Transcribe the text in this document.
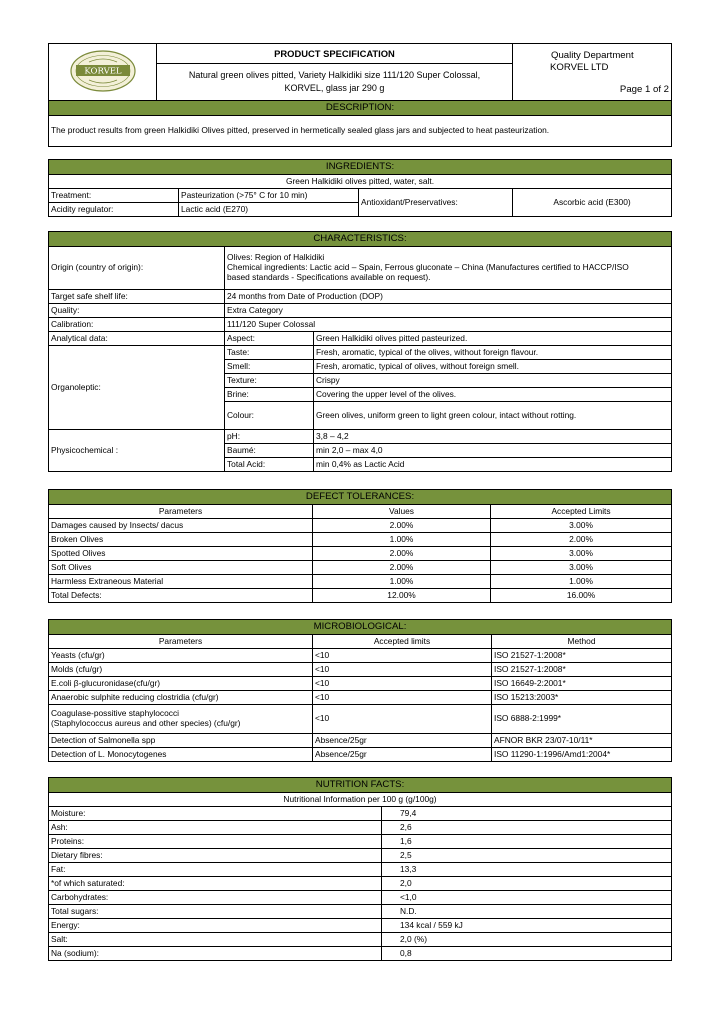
KORVEL
	PRODUCT SPECIFICATION	Quality Department
KORVEL LTD
Page 1 of 2

Natural green olives pitted, Variety Halkidiki size 111/120 Super Colossal,
KORVEL, glass jar 290 g

DESCRIPTION:
The product results from green Halkidiki Olives pitted, preserved in hermetically sealed glass jars and subjected to heat pasteurization.
INGREDIENTS:			
Green Halkidiki olives pitted, water, salt.			
Treatment:	Pasteurization (>75° C for 10 min)	Antioxidant/Preservatives:	Ascorbic acid (E300)
Acidity regulator:	Lactic acid (E270)		
CHARACTERISTICS:		
Origin (country of origin):	Olives: Region of Halkidiki
Chemical ingredients: Lactic acid – Spain, Ferrous gluconate – China (Manufactures certified to HACCP/ISO
based standards - Specifications available on request).	

Target safe shelf life:	24 months from Date of Production (DOP)	
Quality:	Extra Category	
Calibration:	111/120 Super Colossal	
Analytical data:	Aspect:	Green Halkidiki olives pitted pasteurized.
Organoleptic:	Taste:	Fresh, aromatic, typical of the olives, without foreign flavour.
	Smell:	Fresh, aromatic, typical of olives, without foreign smell.
	Texture:	Crispy
	Brine:	Covering the upper level of the olives.
	Colour:	Green olives, uniform green to light green colour, intact without rotting.
Physicochemical :	pH:	3,8 – 4,2
	Baumé:	min 2,0 – max 4,0
	Total Acid:	min 0,4% as Lactic Acid
DEFECT TOLERANCES:		
Parameters	Values	Accepted Limits
Damages caused by Insects/ dacus	2.00%	3.00%
Broken Olives	1.00%	2.00%
Spotted Olives	2.00%	3.00%
Soft Olives	2.00%	3.00%
Harmless Extraneous Material	1.00%	1.00%
Total Defects:	12.00%	16.00%
MICROBIOLOGICAL:		
Parameters	Accepted limits	Method
Yeasts (cfu/gr)	<10	ISO 21527-1:2008*
Molds (cfu/gr)	<10	ISO 21527-1:2008*
E.coli β-glucuronidase(cfu/gr)	<10	ISO 16649-2:2001*
Anaerobic sulphite reducing clostridia (cfu/gr)	<10	ISO 15213:2003*

Coagulase-possitive staphylococci
(Staphylococcus aureus and other species) (cfu/gr)	<10	ISO 6888-2:1999*
Detection of Salmonella spp	Absence/25gr	AFNOR BKR 23/07-10/11*
Detection of L. Monocytogenes	Absence/25gr	ISO 11290-1:1996/Amd1:2004*
NUTRITION FACTS:	
Nutritional Information per 100 g (g/100g)	
Moisture:	79,4
Ash:	2,6
Proteins:	1,6
Dietary fibres:	2,5
Fat:	13,3
*of which saturated:	2,0
Carbohydrates:	<1,0
Total sugars:	N.D.
Energy:	134 kcal / 559 kJ
Salt:	2,0 (%)
Na (sodium):	0,8
